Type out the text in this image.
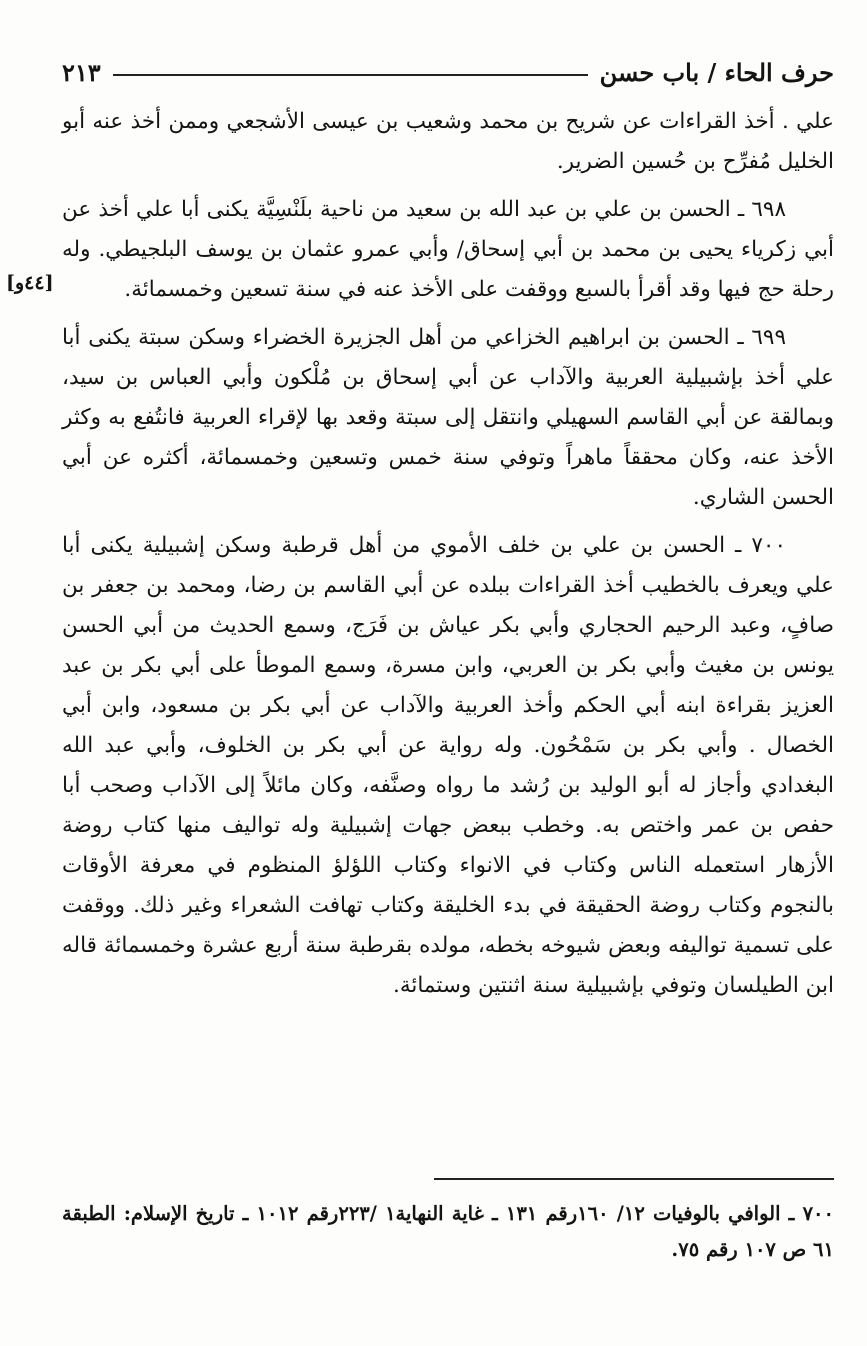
حرف الحاء / باب حسن
٢١٣
[٤٤و]

علي . أخذ القراءات عن شريح بن محمد وشعيب بن عيسى الأشجعي وممن أخذ عنه أبو الخليل مُفرِّح بن حُسين الضرير.

٦٩٨ ـ الحسن بن علي بن عبد الله بن سعيد من ناحية بلَنْسِيَّة يكنى أبا علي أخذ عن أبي زكرياء يحيى بن محمد بن أبي إسحاق/ وأبي عمرو عثمان بن يوسف البلجيطي. وله رحلة حج فيها وقد أقرأ بالسبع ووقفت على الأخذ عنه في سنة تسعين وخمسمائة.

٦٩٩ ـ الحسن بن ابراهيم الخزاعي من أهل الجزيرة الخضراء وسكن سبتة يكنى أبا علي أخذ بإشبيلية العربية والآداب عن أبي إسحاق بن مُلْكون وأبي العباس بن سيد، وبمالقة عن أبي القاسم السهيلي وانتقل إلى سبتة وقعد بها لإقراء العربية فانتُفع به وكثر الأخذ عنه، وكان محققاً ماهراً وتوفي سنة خمس وتسعين وخمسمائة، أكثره عن أبي الحسن الشاري.

٧٠٠ ـ الحسن بن علي بن خلف الأموي من أهل قرطبة وسكن إشبيلية يكنى أبا علي ويعرف بالخطيب أخذ القراءات ببلده عن أبي القاسم بن رضا، ومحمد بن جعفر بن صافٍ، وعبد الرحيم الحجاري وأبي بكر عياش بن فَرَج، وسمع الحديث من أبي الحسن يونس بن مغيث وأبي بكر بن العربي، وابن مسرة، وسمع الموطأ على أبي بكر بن عبد العزيز بقراءة ابنه أبي الحكم وأخذ العربية والآداب عن أبي بكر بن مسعود، وابن أبي الخصال . وأبي بكر بن سَمْحُون. وله رواية عن أبي بكر بن الخلوف، وأبي عبد الله البغدادي وأجاز له أبو الوليد بن رُشد ما رواه وصنَّفه، وكان مائلاً إلى الآداب وصحب أبا حفص بن عمر واختص به. وخطب ببعض جهات إشبيلية وله تواليف منها كتاب روضة الأزهار استعمله الناس وكتاب في الانواء وكتاب اللؤلؤ المنظوم في معرفة الأوقات بالنجوم وكتاب روضة الحقيقة في بدء الخليقة وكتاب تهافت الشعراء وغير ذلك. ووقفت على تسمية تواليفه وبعض شيوخه بخطه، مولده بقرطبة سنة أربع عشرة وخمسمائة قاله ابن الطيلسان وتوفي بإشبيلية سنة اثنتين وستمائة.

٧٠٠ ـ الوافي بالوفيات ١٢/ ١٦٠رقم ١٣١ ـ غاية النهاية١ /٢٢٣رقم ١٠١٢ ـ تاريخ الإسلام: الطبقة ٦١ ص ١٠٧ رقم ٧٥.
